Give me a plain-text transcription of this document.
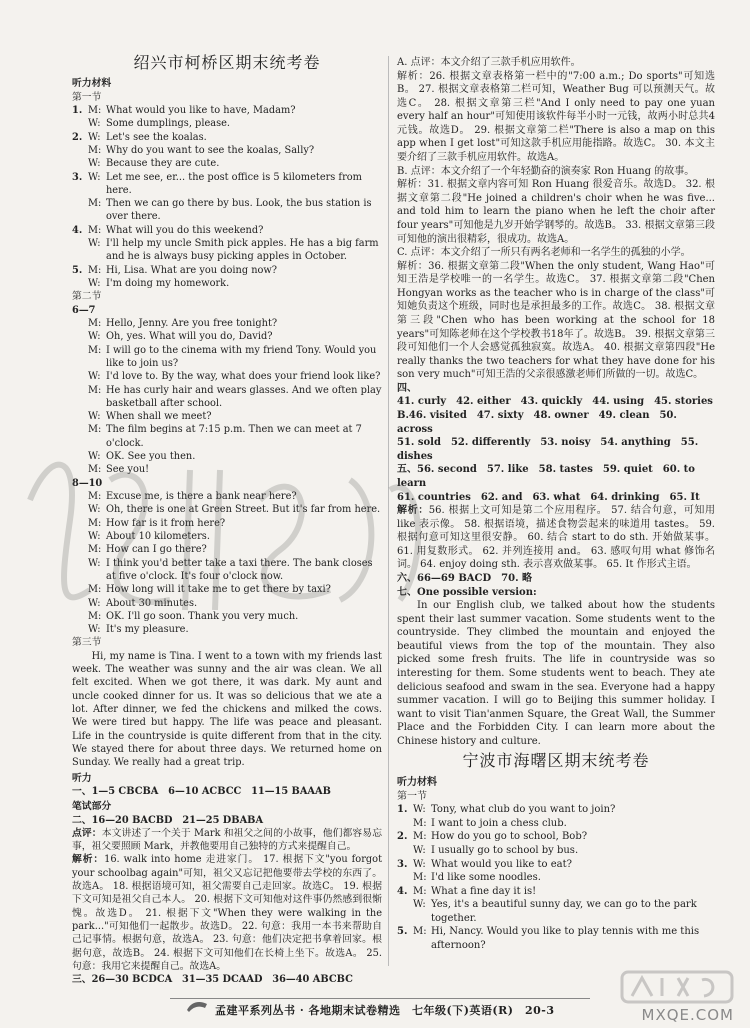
绍兴市柯桥区期末统考卷
听力材料
第一节
1. M: What would you like to have, Madam?
W: Some dumplings, please.
2. W: Let's see the koalas.
M: Why do you want to see the koalas, Sally?
W: Because they are cute.
3. W: Let me see, er... the post office is 5 kilometers from here.
M: Then we can go there by bus. Look, the bus station is over there.
4. M: What will you do this weekend?
W: I'll help my uncle Smith pick apples. He has a big farm and he is always busy picking apples in October.
5. M: Hi, Lisa. What are you doing now?
W: I'm doing my homework.
第二节
6—7
M: Hello, Jenny. Are you free tonight?
W: Oh, yes. What will you do, David?
M: I will go to the cinema with my friend Tony. Would you like to join us?
W: I'd love to. By the way, what does your friend look like?
M: He has curly hair and wears glasses. And we often play basketball after school.
W: When shall we meet?
M: The film begins at 7:15 p.m. Then we can meet at 7 o'clock.
W: OK. See you then.
M: See you!
8—10
M: Excuse me, is there a bank near here?
W: Oh, there is one at Green Street. But it's far from here.
M: How far is it from here?
W: About 10 kilometers.
M: How can I go there?
W: I think you'd better take a taxi there. The bank closes at five o'clock. It's four o'clock now.
M: How long will it take me to get there by taxi?
W: About 30 minutes.
M: OK. I'll go soon. Thank you very much.
W: It's my pleasure.
第三节

Hi, my name is Tina. I went to a town with my friends last week. The weather was sunny and the air was clean. We all felt excited. When we got there, it was dark. My aunt and uncle cooked dinner for us. It was so delicious that we ate a lot. After dinner, we fed the chickens and milked the cows. We were tired but happy. The life was peace and pleasant. Life in the countryside is quite different from that in the city. We stayed there for about three days. We returned home on Sunday. We really had a great trip.

听力

一、1—5 CBCBA　6—10 ACBCC　11—15 BAAAB

笔试部分

二、16—20 BACBD　21—25 DBABA

点评：本文讲述了一个关于 Mark 和祖父之间的小故事，他们都容易忘事，祖父要照顾 Mark，并教他要用自己独特的方式来提醒自己。

解析：16. walk into home 走进家门。 17. 根据下文"you forgot your schoolbag again"可知，祖父又忘记把他要带去学校的东西了。故选A。 18. 根据语境可知，祖父需要自己走回家。故选C。 19. 根据下文可知是祖父自己本人。 20. 根据下文可知他对这件事仍然感到很惭愧。故选D。 21. 根据下文"When they were walking in the park..."可知他们一起散步。故选D。 22. 句意：我用一本书来帮助自己记事情。根据句意，故选A。 23. 句意：他们决定把书拿着回家。根据句意，故选B。 24. 根据下文可知他们在长椅上坐下。故选A。 25. 句意：我用它来提醒自己。故选A。

三、26—30 BCDCA　31—35 DCAAD　36—40 ABCBC

A. 点评：本文介绍了三款手机应用软件。

解析：26. 根据文章表格第一栏中的"7:00 a.m.; Do sports"可知选B。 27. 根据文章表格第二栏可知，Weather Bug 可以预测天气。故选C。 28. 根据文章第三栏"And I only need to pay one yuan every half an hour"可知使用该软件每半小时一元钱，故两小时总共4元钱。故选D。 29. 根据文章第二栏"There is also a map on this app when I get lost"可知这款手机应用能指路。故选C。 30. 本文主要介绍了三款手机应用软件。故选A。

B. 点评：本文介绍了一个年轻勤奋的演奏家 Ron Huang 的故事。

解析：31. 根据文章内容可知 Ron Huang 很爱音乐。故选D。 32. 根据文章第二段"He joined a children's choir when he was five... and told him to learn the piano when he left the choir after four years"可知他是九岁开始学钢琴的。故选B。 33. 根据文章第三段可知他的演出很精彩，很成功。故选A。

C. 点评：本文介绍了一所只有两名老师和一名学生的孤独的小学。

解析：36. 根据文章第二段"When the only student, Wang Hao"可知王浩是学校唯一的一名学生。故选C。 37. 根据文章第二段"Chen Hongyan works as the teacher who is in charge of the class"可知她负责这个班级，同时也是承担最多的工作。故选C。 38. 根据文章第三段"Chen who has been working at the school for 18 years"可知陈老师在这个学校教书18年了。故选B。 39. 根据文章第三段可知他们一个人会感觉孤独寂寞。故选A。 40. 根据文章第四段"He really thanks the two teachers for what they have done for his son very much"可知王浩的父亲很感激老师们所做的一切。故选C。

四、
41. curly　42. either　43. quickly　44. using　45. stories
B.46. visited　47. sixty　48. owner　49. clean　50. across
51. sold　52. differently　53. noisy　54. anything　55. dishes
五、56. second　57. like　58. tastes　59. quiet　60. to learn
61. countries　62. and　63. what　64. drinking　65. It

解析：56. 根据上文可知是第二个应用程序。 57. 结合句意，可知用 like 表示像。 58. 根据语境，描述食物尝起来的味道用 tastes。 59. 根据句意可知这里很安静。 60. 结合 start to do sth. 开始做某事。 61. 用复数形式。 62. 并列连接用 and。 63. 感叹句用 what 修饰名词。 64. enjoy doing sth. 表示喜欢做某事。 65. It 作形式主语。

六、66—69 BACD　70. 略

七、One possible version:

In our English club, we talked about how the students spent their last summer vacation. Some students went to the countryside. They climbed the mountain and enjoyed the beautiful views from the top of the mountain. They also picked some fresh fruits. The life in countryside was so interesting for them. Some students went to beach. They ate delicious seafood and swam in the sea. Everyone had a happy summer vacation. I will go to Beijing this summer holiday. I want to visit Tian'anmen Square, the Great Wall, the Summer Place and the Forbidden City. I can learn more about the Chinese history and culture.

宁波市海曙区期末统考卷
听力材料
第一节
1. W: Tony, what club do you want to join?
M: I want to join a chess club.
2. M: How do you go to school, Bob?
W: I usually go to school by bus.
3. W: What would you like to eat?
M: I'd like some noodles.
4. M: What a fine day it is!
W: Yes, it's a beautiful sunny day, we can go to the park together.
5. M: Hi, Nancy. Would you like to play tennis with me this afternoon?
孟建平系列丛书 · 各地期末试卷精选　七年级(下)英语(R)　20-3	MXQE.COM
